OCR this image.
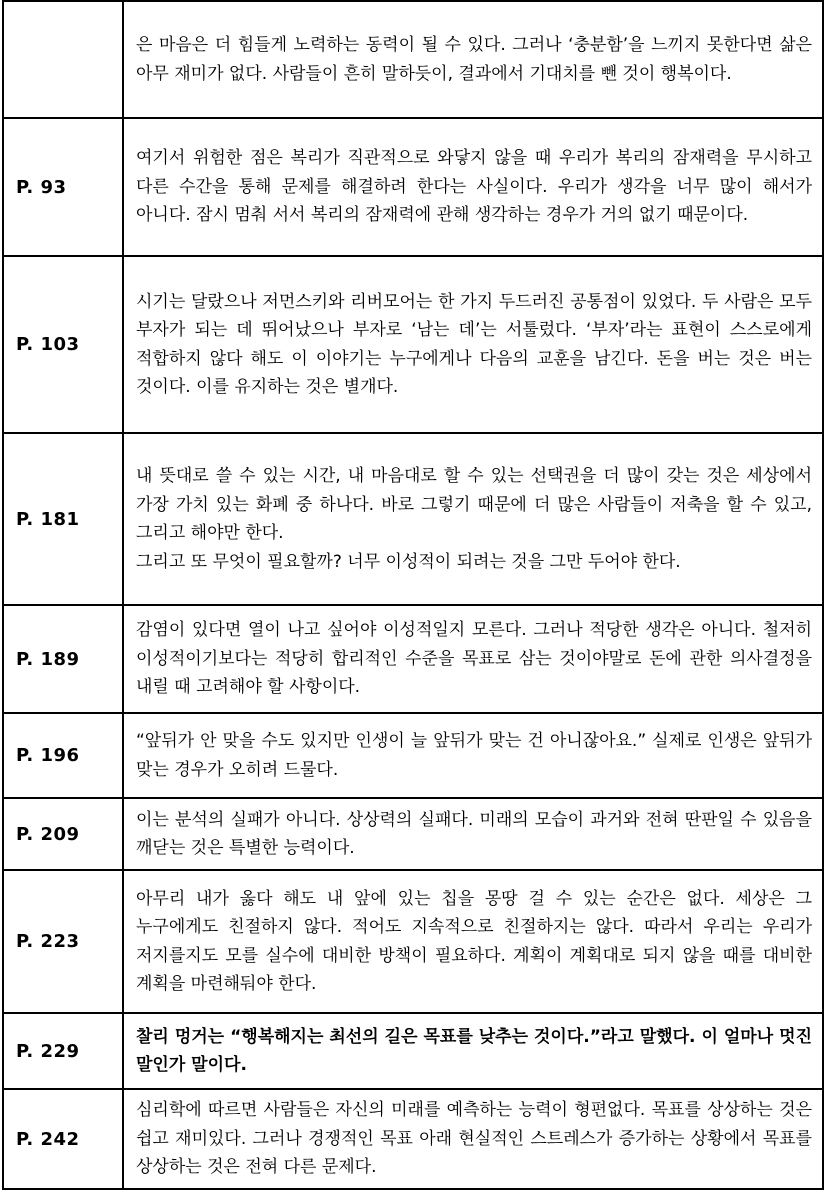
	은 마음은 더 힘들게 노력하는 동력이 될 수 있다. 그러나 ‘충분함’을 느끼지 못한다면 삶은 아무 재미가 없다. 사람들이 흔히 말하듯이, 결과에서 기대치를 뺀 것이 행복이다.

P. 93	여기서 위험한 점은 복리가 직관적으로 와닿지 않을 때 우리가 복리의 잠재력을 무시하고 다른 수간을 통해 문제를 해결하려 한다는 사실이다. 우리가 생각을 너무 많이 해서가 아니다. 잠시 멈춰 서서 복리의 잠재력에 관해 생각하는 경우가 거의 없기 때문이다.

P. 103	시기는 달랐으나 저먼스키와 리버모어는 한 가지 두드러진 공통점이 있었다. 두 사람은 모두 부자가 되는 데 뛰어났으나 부자로 ‘남는 데’는 서툴렀다. ‘부자’라는 표현이 스스로에게 적합하지 않다 해도 이 이야기는 누구에게나 다음의 교훈을 남긴다. 돈을 버는 것은 버는 것이다. 이를 유지하는 것은 별개다.

P. 181	내 뜻대로 쓸 수 있는 시간, 내 마음대로 할 수 있는 선택권을 더 많이 갖는 것은 세상에서 가장 가치 있는 화폐 중 하나다. 바로 그렇기 때문에 더 많은 사람들이 저축을 할 수 있고, 그리고 해야만 한다.
그리고 또 무엇이 필요할까? 너무 이성적이 되려는 것을 그만 두어야 한다.

P. 189	감염이 있다면 열이 나고 싶어야 이성적일지 모른다. 그러나 적당한 생각은 아니다. 철저히 이성적이기보다는 적당히 합리적인 수준을 목표로 삼는 것이야말로 돈에 관한 의사결정을 내릴 때 고려해야 할 사항이다.

P. 196	“앞뒤가 안 맞을 수도 있지만 인생이 늘 앞뒤가 맞는 건 아니잖아요.” 실제로 인생은 앞뒤가 맞는 경우가 오히려 드물다.

P. 209	이는 분석의 실패가 아니다. 상상력의 실패다. 미래의 모습이 과거와 전혀 딴판일 수 있음을 깨닫는 것은 특별한 능력이다.

P. 223	아무리 내가 옳다 해도 내 앞에 있는 칩을 몽땅 걸 수 있는 순간은 없다. 세상은 그 누구에게도 친절하지 않다. 적어도 지속적으로 친절하지는 않다. 따라서 우리는 우리가 저지를지도 모를 실수에 대비한 방책이 필요하다. 계획이 계획대로 되지 않을 때를 대비한 계획을 마련해둬야 한다.

P. 229	찰리 멍거는 “행복해지는 최선의 길은 목표를 낮추는 것이다.”라고 말했다. 이 얼마나 멋진 말인가 말이다.

P. 242	심리학에 따르면 사람들은 자신의 미래를 예측하는 능력이 형편없다. 목표를 상상하는 것은 쉽고 재미있다. 그러나 경쟁적인 목표 아래 현실적인 스트레스가 증가하는 상황에서 목표를 상상하는 것은 전혀 다른 문제다.
